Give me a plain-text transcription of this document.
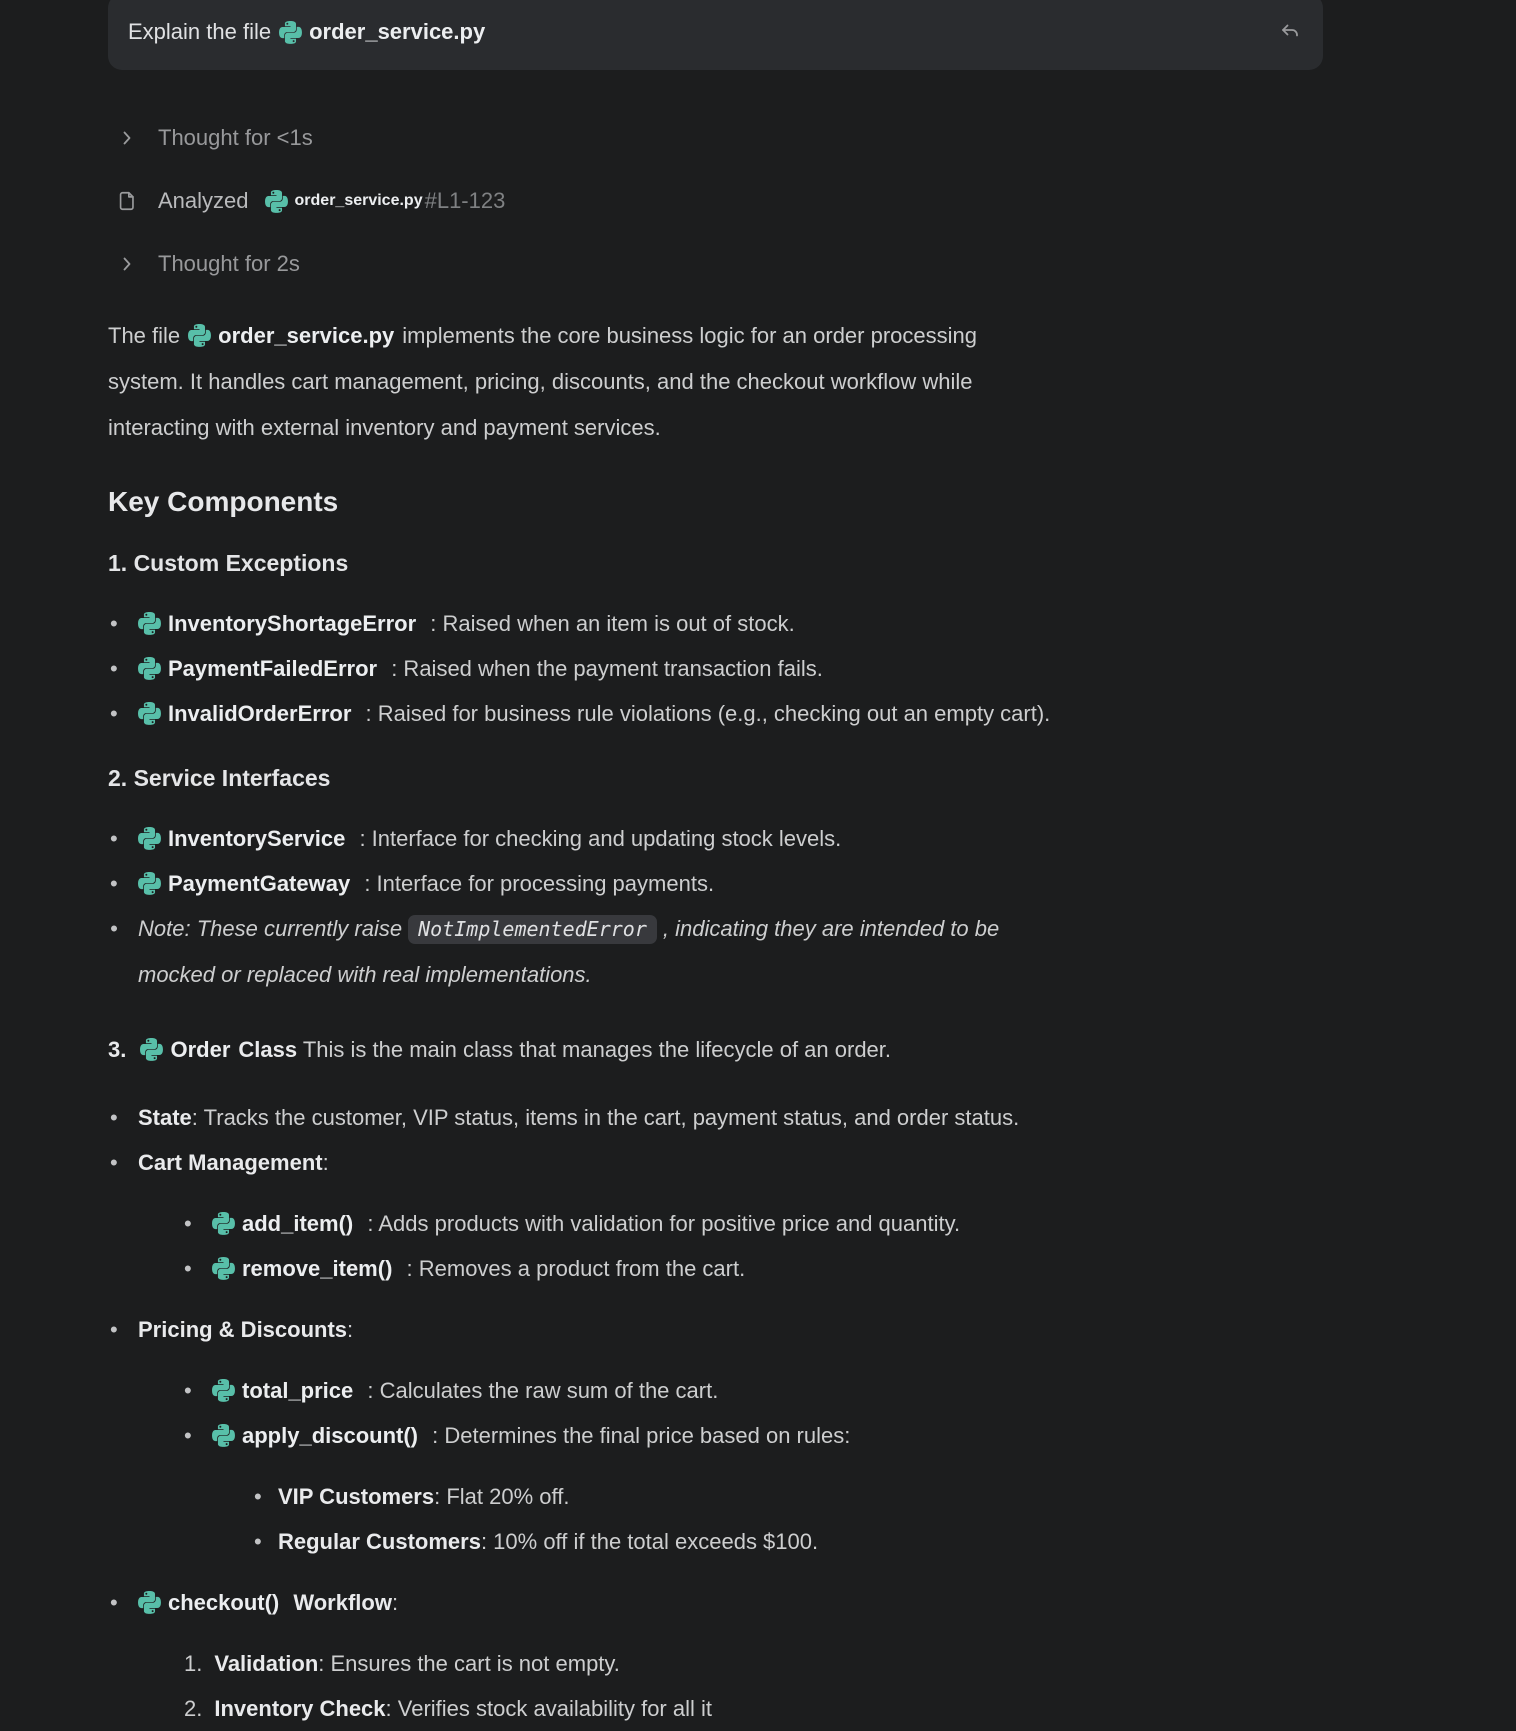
Explain the file order_service.py
Thought for <1s
Analyzed	order_service.py #L1-123
Thought for 2s
The file order_service.py implements the core business logic for an order processing
system. It handles cart management, pricing, discounts, and the checkout workflow while
interacting with external inventory and payment services.
Key Components
1. Custom Exceptions
• InventoryShortageError : Raised when an item is out of stock.
• PaymentFailedError : Raised when the payment transaction fails.
• InvalidOrderError : Raised for business rule violations (e.g., checking out an empty cart).
2. Service Interfaces
• InventoryService : Interface for checking and updating stock levels.
• PaymentGateway : Interface for processing payments.
• Note: These currently raise NotImplementedError , indicating they are intended to be
mocked or replaced with real implementations.
3. Order Class This is the main class that manages the lifecycle of an order.
• State: Tracks the customer, VIP status, items in the cart, payment status, and order status.
• Cart Management:
• add_item() : Adds products with validation for positive price and quantity.
• remove_item() : Removes a product from the cart.
• Pricing & Discounts:
• total_price : Calculates the raw sum of the cart.
• apply_discount() : Determines the final price based on rules:
• VIP Customers: Flat 20% off.
• Regular Customers: 10% off if the total exceeds $100.
• checkout() Workflow:
1. Validation: Ensures the cart is not empty.
2. Inventory Check: Verifies stock availability for all it
